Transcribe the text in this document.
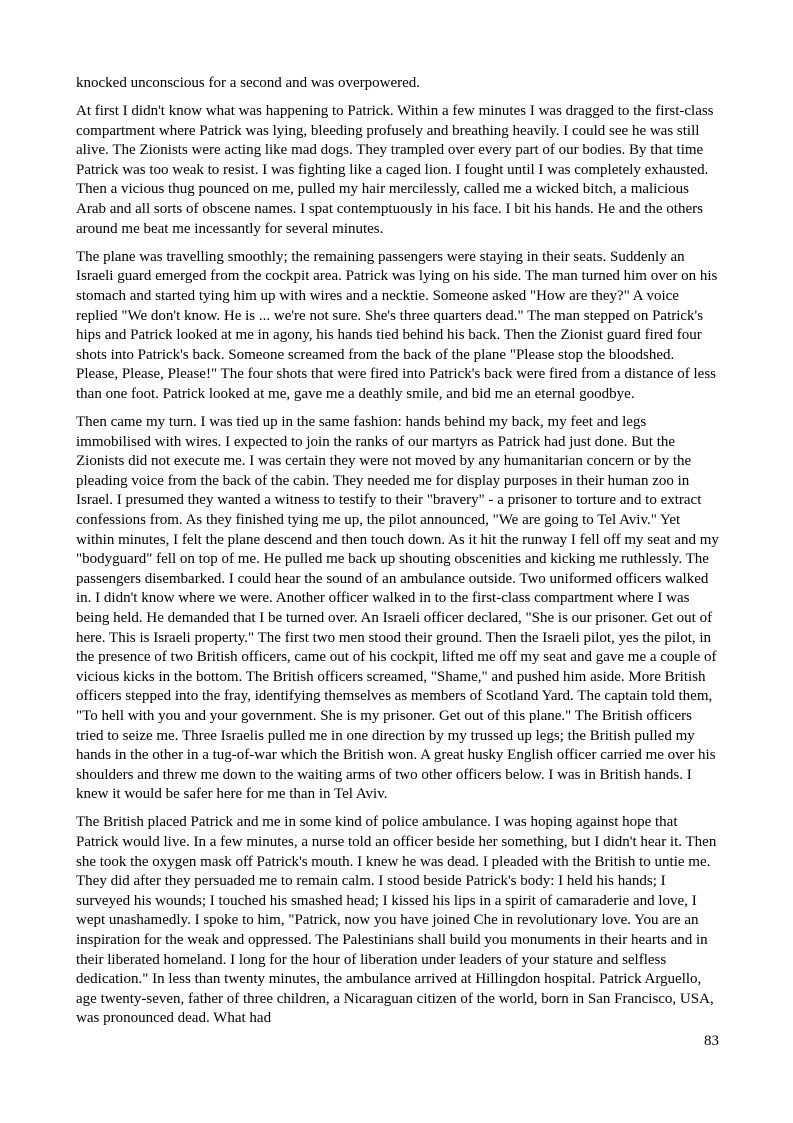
knocked unconscious for a second and was overpowered.

At first I didn't know what was happening to Patrick. Within a few minutes I was dragged to the first-class compartment where Patrick was lying, bleeding profusely and breathing heavily. I could see he was still alive. The Zionists were acting like mad dogs. They trampled over every part of our bodies. By that time Patrick was too weak to resist. I was fighting like a caged lion. I fought until I was completely exhausted. Then a vicious thug pounced on me, pulled my hair mercilessly, called me a wicked bitch, a malicious Arab and all sorts of obscene names. I spat contemptuously in his face. I bit his hands. He and the others around me beat me incessantly for several minutes.

The plane was travelling smoothly; the remaining passengers were staying in their seats. Suddenly an Israeli guard emerged from the cockpit area. Patrick was lying on his side. The man turned him over on his stomach and started tying him up with wires and a necktie. Someone asked "How are they?" A voice replied "We don't know. He is ... we're not sure. She's three quarters dead." The man stepped on Patrick's hips and Patrick looked at me in agony, his hands tied behind his back. Then the Zionist guard fired four shots into Patrick's back. Someone screamed from the back of the plane "Please stop the bloodshed. Please, Please, Please!" The four shots that were fired into Patrick's back were fired from a distance of less than one foot. Patrick looked at me, gave me a deathly smile, and bid me an eternal goodbye.

Then came my turn. I was tied up in the same fashion: hands behind my back, my feet and legs immobilised with wires. I expected to join the ranks of our martyrs as Patrick had just done. But the Zionists did not execute me. I was certain they were not moved by any humanitarian concern or by the pleading voice from the back of the cabin. They needed me for display purposes in their human zoo in Israel. I presumed they wanted a witness to testify to their "bravery" - a prisoner to torture and to extract confessions from. As they finished tying me up, the pilot announced, "We are going to Tel Aviv." Yet within minutes, I felt the plane descend and then touch down. As it hit the runway I fell off my seat and my "bodyguard" fell on top of me. He pulled me back up shouting obscenities and kicking me ruthlessly. The passengers disembarked. I could hear the sound of an ambulance outside. Two uniformed officers walked in. I didn't know where we were. Another officer walked in to the first-class compartment where I was being held. He demanded that I be turned over. An Israeli officer declared, "She is our prisoner. Get out of here. This is Israeli property." The first two men stood their ground. Then the Israeli pilot, yes the pilot, in the presence of two British officers, came out of his cockpit, lifted me off my seat and gave me a couple of vicious kicks in the bottom. The British officers screamed, "Shame," and pushed him aside. More British officers stepped into the fray, identifying themselves as members of Scotland Yard. The captain told them, "To hell with you and your government. She is my prisoner. Get out of this plane." The British officers tried to seize me. Three Israelis pulled me in one direction by my trussed up legs; the British pulled my hands in the other in a tug-of-war which the British won. A great husky English officer carried me over his shoulders and threw me down to the waiting arms of two other officers below. I was in British hands. I knew it would be safer here for me than in Tel Aviv.

The British placed Patrick and me in some kind of police ambulance. I was hoping against hope that Patrick would live. In a few minutes, a nurse told an officer beside her something, but I didn't hear it. Then she took the oxygen mask off Patrick's mouth. I knew he was dead. I pleaded with the British to untie me. They did after they persuaded me to remain calm. I stood beside Patrick's body: I held his hands; I surveyed his wounds; I touched his smashed head; I kissed his lips in a spirit of camaraderie and love, I wept unashamedly. I spoke to him, "Patrick, now you have joined Che in revolutionary love. You are an inspiration for the weak and oppressed. The Palestinians shall build you monuments in their hearts and in their liberated homeland. I long for the hour of liberation under leaders of your stature and selfless dedication." In less than twenty minutes, the ambulance arrived at Hillingdon hospital. Patrick Arguello, age twenty-seven, father of three children, a Nicaraguan citizen of the world, born in San Francisco, USA, was pronounced dead. What had

83
